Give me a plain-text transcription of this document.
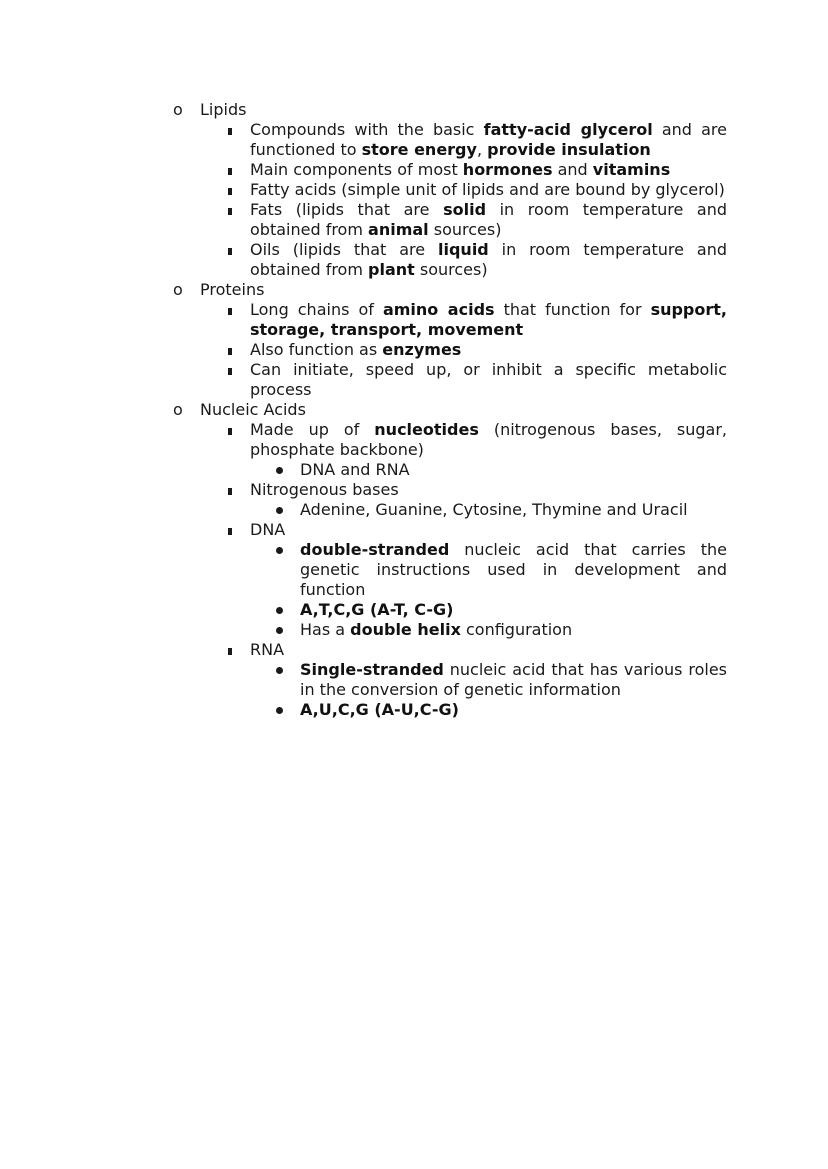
o Lipids
Compounds with the basic fatty-acid glycerol and are functioned to store energy, provide insulation
Main components of most hormones and vitamins
Fatty acids (simple unit of lipids and are bound by glycerol)
Fats (lipids that are solid in room temperature and obtained from animal sources)
Oils (lipids that are liquid in room temperature and obtained from plant sources)
o Proteins
Long chains of amino acids that function for support, storage, transport, movement
Also function as enzymes
Can initiate, speed up, or inhibit a specific metabolic process
o Nucleic Acids
Made up of nucleotides (nitrogenous bases, sugar, phosphate backbone)
DNA and RNA
Nitrogenous bases
Adenine, Guanine, Cytosine, Thymine and Uracil
DNA
double-stranded nucleic acid that carries the genetic instructions used in development and function
A,T,C,G (A-T, C-G)
Has a double helix configuration
RNA
Single-stranded nucleic acid that has various roles in the conversion of genetic information
A,U,C,G (A-U,C-G)
